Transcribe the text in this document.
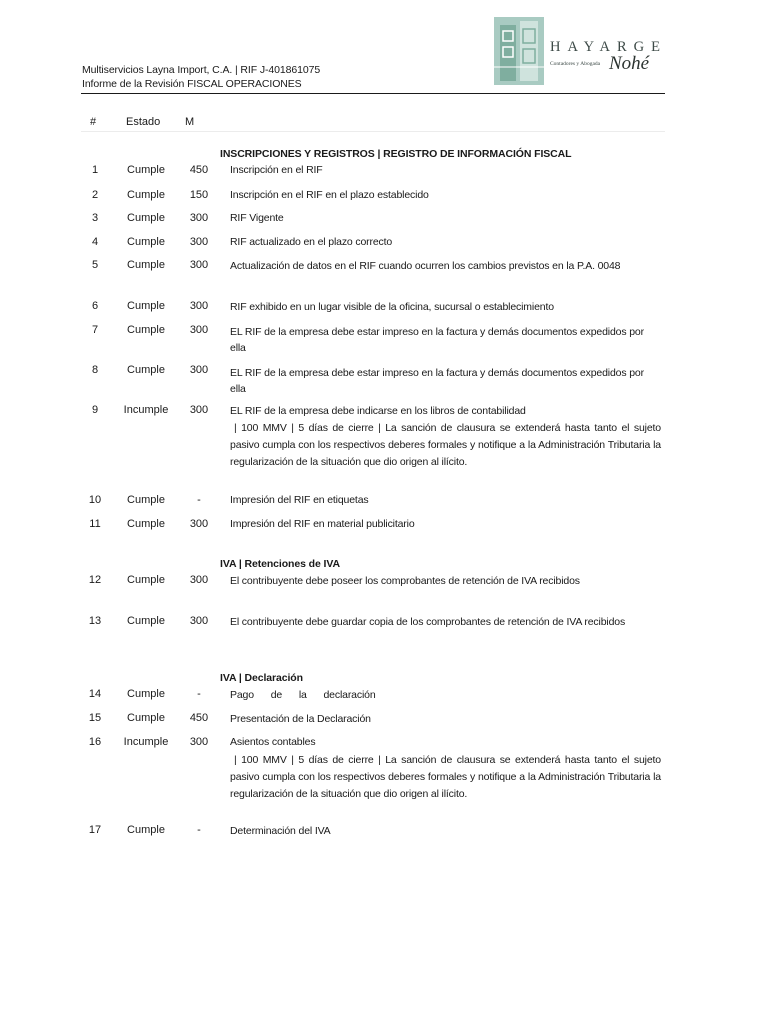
Multiservicios Layna Import, C.A. | RIF J-401861075
Informe de la Revisión FISCAL OPERACIONES
HAYARGE
Contadores y Abogada Nohé
#	Estado M
INSCRIPCIONES Y REGISTROS | REGISTRO DE INFORMACIÓN FISCAL
1	Cumple	450	Inscripción en el RIF
2	Cumple	150	Inscripción en el RIF en el plazo establecido
3	Cumple	300	RIF Vigente
4	Cumple	300	RIF actualizado en el plazo correcto
5	Cumple	300	Actualización de datos en el RIF cuando ocurren los cambios previstos en la P.A. 0048
6	Cumple	300	RIF exhibido en un lugar visible de la oficina, sucursal o establecimiento
7	Cumple	300	EL RIF de la empresa debe estar impreso en la factura y demás documentos expedidos por ella
8	Cumple	300	EL RIF de la empresa debe estar impreso en la factura y demás documentos expedidos por ella
9	Incumple	300	EL RIF de la empresa debe indicarse en los libros de contabilidad
| 100 MMV | 5 días de cierre | La sanción de clausura se extenderá hasta tanto el sujeto pasivo cumpla con los respectivos deberes formales y notifique a la Administración Tributaria la regularización de la situación que dio origen al ilícito.
10	Cumple	-	Impresión del RIF en etiquetas
11	Cumple	300	Impresión del RIF en material publicitario
IVA | Retenciones de IVA
12	Cumple	300	El contribuyente debe poseer los comprobantes de retención de IVA recibidos
13	Cumple	300	El contribuyente debe guardar copia de los comprobantes de retención de IVA recibidos
IVA | Declaración
14	Cumple	-	Pago de la declaración
15	Cumple	450	Presentación de la Declaración
16	Incumple	300	Asientos contables
| 100 MMV | 5 días de cierre | La sanción de clausura se extenderá hasta tanto el sujeto pasivo cumpla con los respectivos deberes formales y notifique a la Administración Tributaria la regularización de la situación que dio origen al ilícito.
17	Cumple	-	Determinación del IVA
